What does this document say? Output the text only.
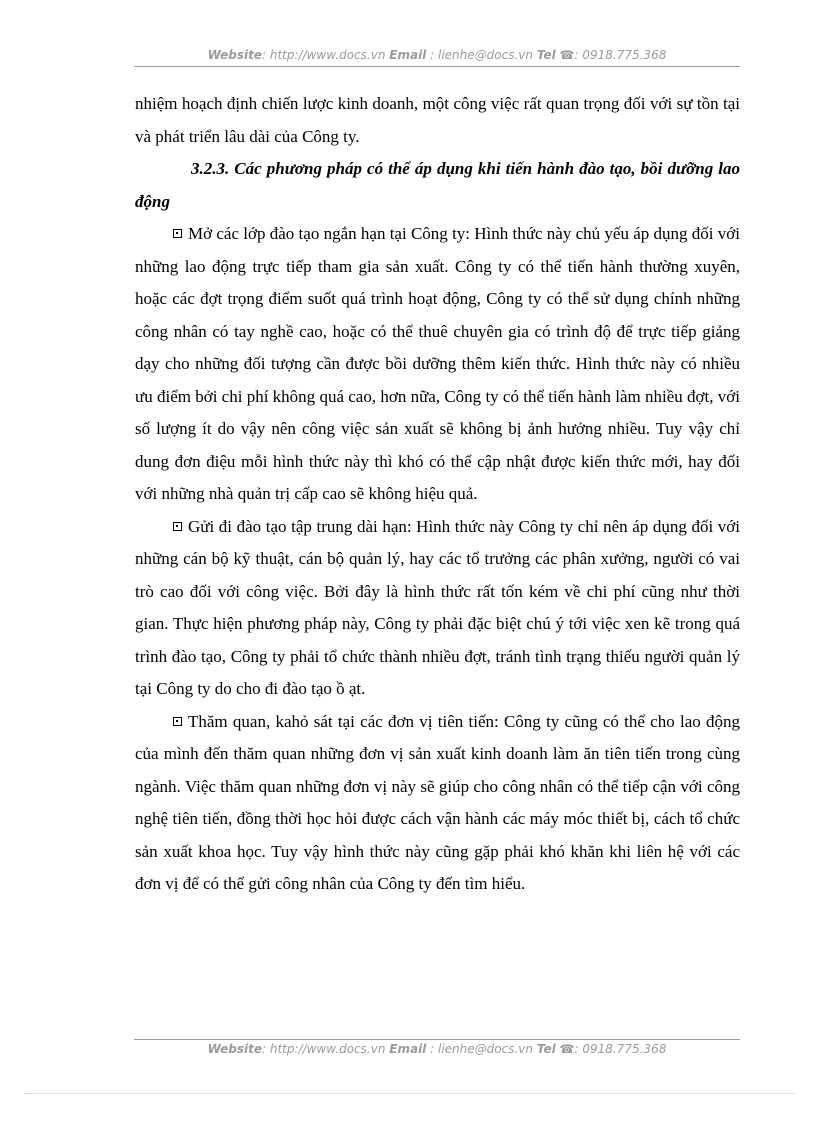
Website: http://www.docs.vn Email : lienhe@docs.vn Tel ☎: 0918.775.368

nhiệm hoạch định chiến lược kinh doanh, một công việc rất quan trọng đối với sự tồn tại và phát triển lâu dài của Công ty.

3.2.3. Các phương pháp có thể áp dụng khi tiến hành đào tạo, bồi dưỡng lao động

Mở các lớp đào tạo ngắn hạn tại Công ty: Hình thức này chủ yếu áp dụng đối với những lao động trực tiếp tham gia sản xuất. Công ty có thể tiến hành thường xuyên, hoặc các đợt trọng điểm suốt quá trình hoạt động, Công ty có thể sử dụng chính những công nhân có tay nghề cao, hoặc có thể thuê chuyên gia có trình độ để trực tiếp giảng dạy cho những đối tượng cần được bồi dưỡng thêm kiến thức. Hình thức này có nhiều ưu điểm bởi chi phí không quá cao, hơn nữa, Công ty có thể tiến hành làm nhiều đợt, với số lượng ít do vậy nên công việc sản xuất sẽ không bị ảnh hưởng nhiều. Tuy vậy chỉ dung đơn điệu mỗi hình thức này thì khó có thể cập nhật được kiến thức mới, hay đối với những nhà quản trị cấp cao sẽ không hiệu quả.

Gửi đi đào tạo tập trung dài hạn: Hình thức này Công ty chỉ nên áp dụng đối với những cán bộ kỹ thuật, cán bộ quản lý, hay các tổ trưởng các phân xưởng, người có vai trò cao đối với công việc. Bởi đây là hình thức rất tốn kém về chi phí cũng như thời gian. Thực hiện phương pháp này, Công ty phải đặc biệt chú ý tới việc xen kẽ trong quá trình đào tạo, Công ty phải tổ chức thành nhiều đợt, tránh tình trạng thiếu người quản lý tại Công ty do cho đi đào tạo ồ ạt.

Thăm quan, kahỏ sát tại các đơn vị tiên tiến: Công ty cũng có thể cho lao động của mình đến thăm quan những đơn vị sản xuất kinh doanh làm ăn tiên tiến trong cùng ngành. Việc thăm quan những đơn vị này sẽ giúp cho công nhân có thể tiếp cận với công nghệ tiên tiến, đồng thời học hỏi được cách vận hành các máy móc thiết bị, cách tổ chức sản xuất khoa học. Tuy vậy hình thức này cũng gặp phải khó khăn khi liên hệ với các đơn vị để có thể gửi công nhân của Công ty đến tìm hiểu.

Website: http://www.docs.vn Email : lienhe@docs.vn Tel ☎: 0918.775.368
